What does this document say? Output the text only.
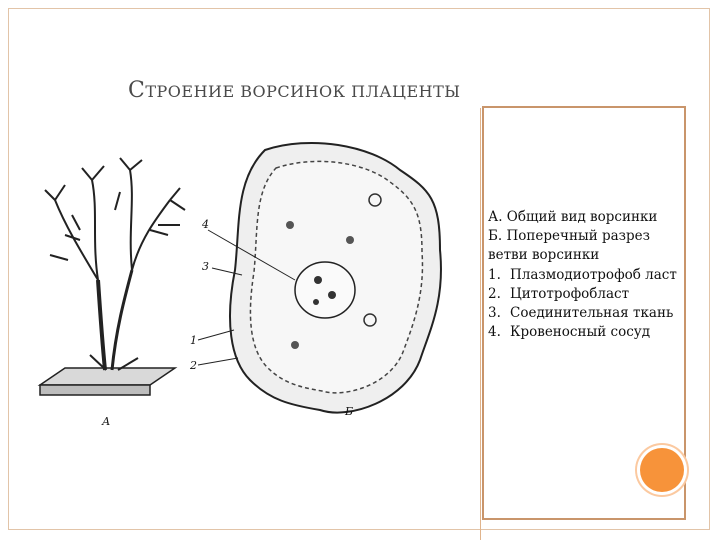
СТРОЕНИЕ ВОРСИНОК ПЛАЦЕНТЫ
А
4
3
1
2
Б

А. Общий вид ворсинки

Б. Поперечный разрез ветви ворсинки

1. Плазмодиотрофоб ласт
2. Цитотрофобласт
3. Соединительная ткань
4. Кровеносный сосуд
